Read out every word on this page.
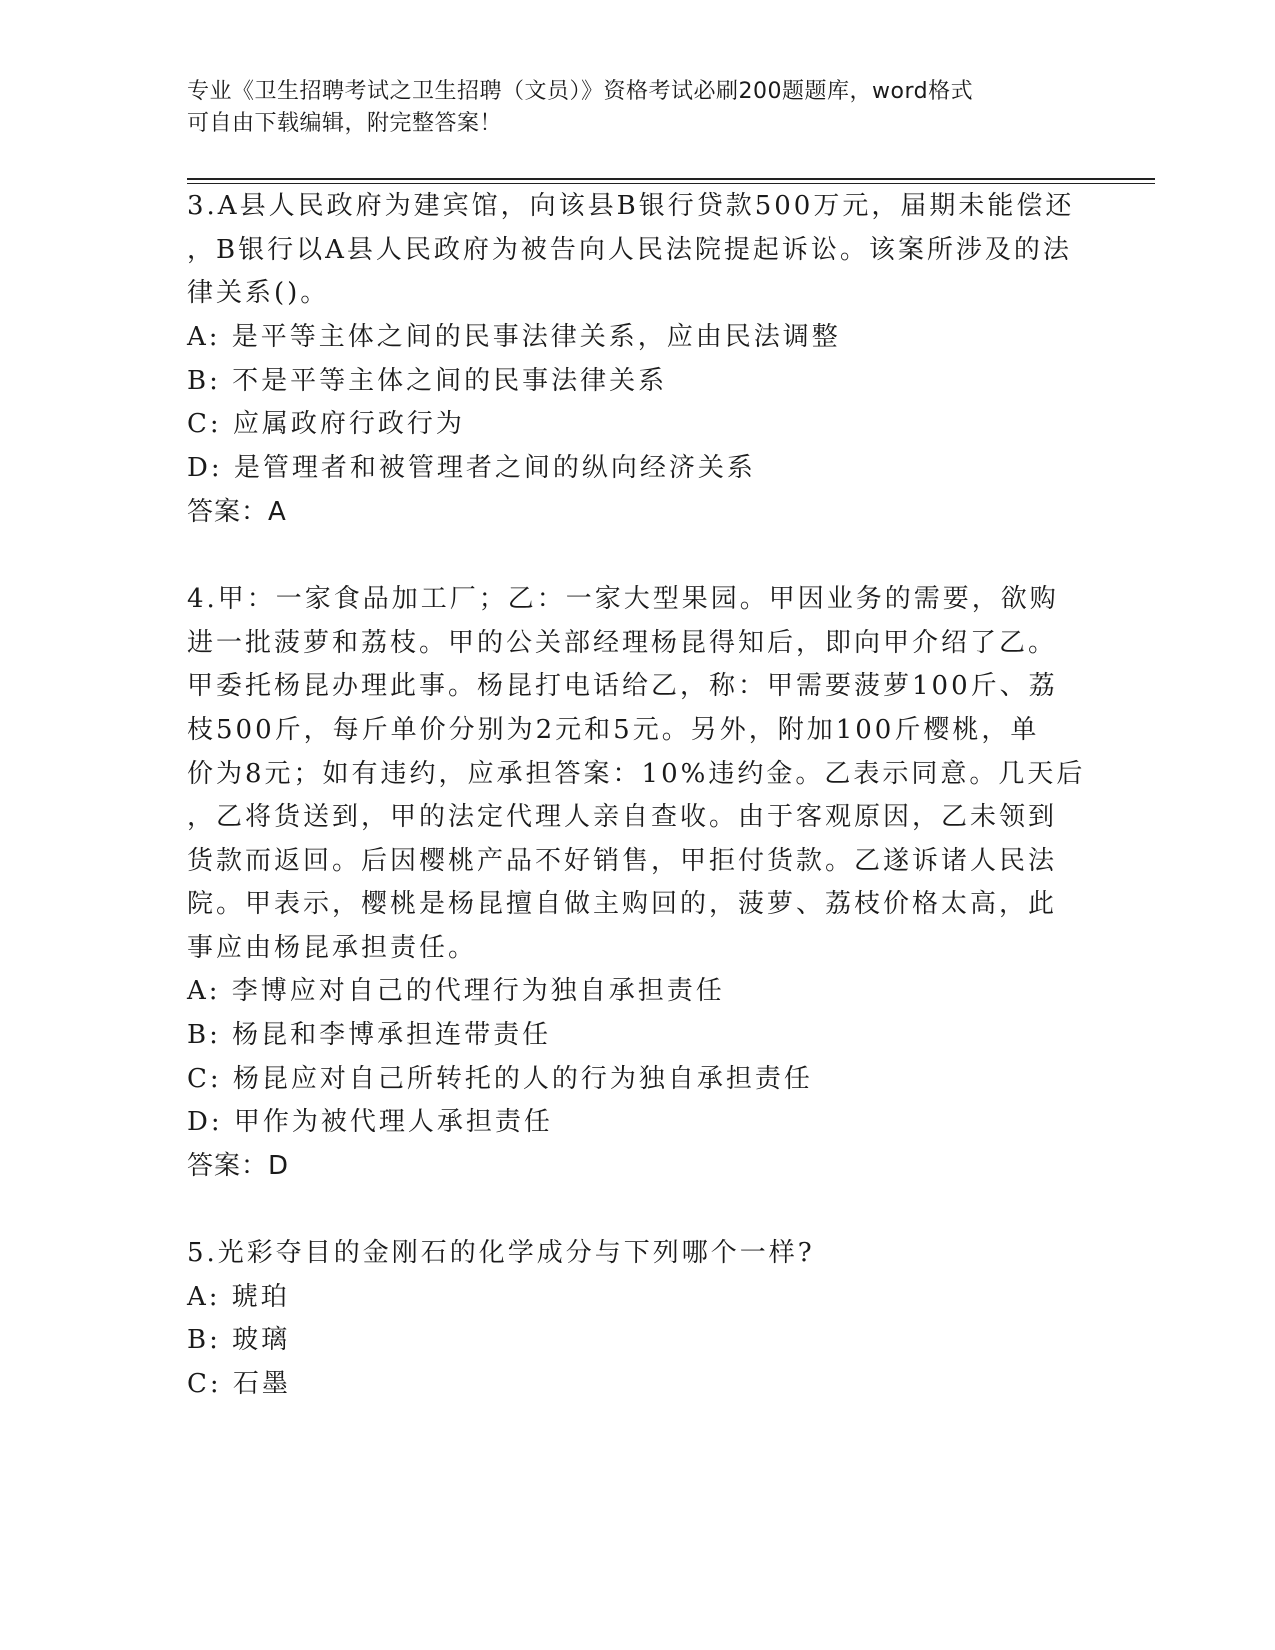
专业《卫生招聘考试之卫生招聘（文员）》资格考试必刷200题题库，word格式
可自由下载编辑，附完整答案！
3.A县人民政府为建宾馆，向该县B银行贷款500万元，届期未能偿还
，B银行以A县人民政府为被告向人民法院提起诉讼。该案所涉及的法
律关系()。
A: 是平等主体之间的民事法律关系，应由民法调整
B: 不是平等主体之间的民事法律关系
C: 应属政府行政行为
D: 是管理者和被管理者之间的纵向经济关系
答案：A
4.甲：一家食品加工厂；乙：一家大型果园。甲因业务的需要，欲购
进一批菠萝和荔枝。甲的公关部经理杨昆得知后，即向甲介绍了乙。
甲委托杨昆办理此事。杨昆打电话给乙，称：甲需要菠萝100斤、荔
枝500斤，每斤单价分别为2元和5元。另外，附加100斤樱桃，单
价为8元；如有违约，应承担答案：10%违约金。乙表示同意。几天后
，乙将货送到，甲的法定代理人亲自查收。由于客观原因，乙未领到
货款而返回。后因樱桃产品不好销售，甲拒付货款。乙遂诉诸人民法
院。甲表示，樱桃是杨昆擅自做主购回的，菠萝、荔枝价格太高，此
事应由杨昆承担责任。
A: 李博应对自己的代理行为独自承担责任
B: 杨昆和李博承担连带责任
C: 杨昆应对自己所转托的人的行为独自承担责任
D: 甲作为被代理人承担责任
答案：D
5.光彩夺目的金刚石的化学成分与下列哪个一样?
A: 琥珀
B: 玻璃
C: 石墨
